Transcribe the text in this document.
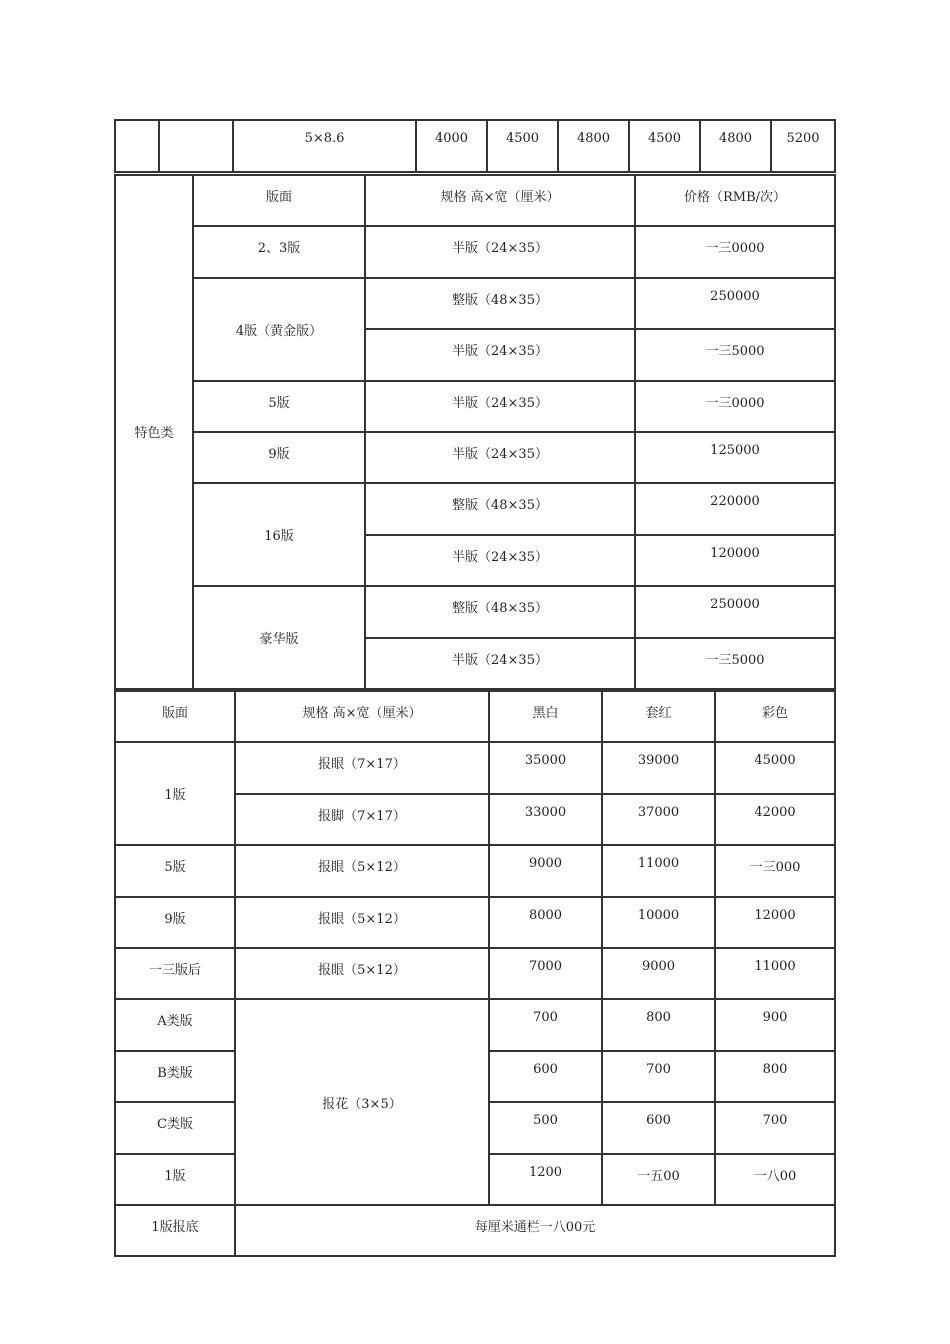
		5×8.6	4000	4500	4800	4500	4800	5200
特色类	版面	规格 高×宽（厘米）	价格（RMB/次）
	2、3版	半版（24×35）	一三0000
	4版（黄金版）	整版（48×35）	250000
		半版（24×35）	一三5000
	5版	半版（24×35）	一三0000
	9版	半版（24×35）	125000
	16版	整版（48×35）	220000
		半版（24×35）	120000
	豪华版	整版（48×35）	250000
		半版（24×35）	一三5000
版面	规格 高×宽（厘米）	黑白	套红	彩色
1版	报眼（7×17）	35000	39000	45000
	报脚（7×17）	33000	37000	42000
5版	报眼（5×12）	9000	11000	一三000
9版	报眼（5×12）	8000	10000	12000
一三版后	报眼（5×12）	7000	9000	11000
A类版	报花（3×5）	700	800	900
B类版		600	700	800
C类版		500	600	700
1版		1200	一五00	一八00
1版报底	每厘米通栏一八00元			
